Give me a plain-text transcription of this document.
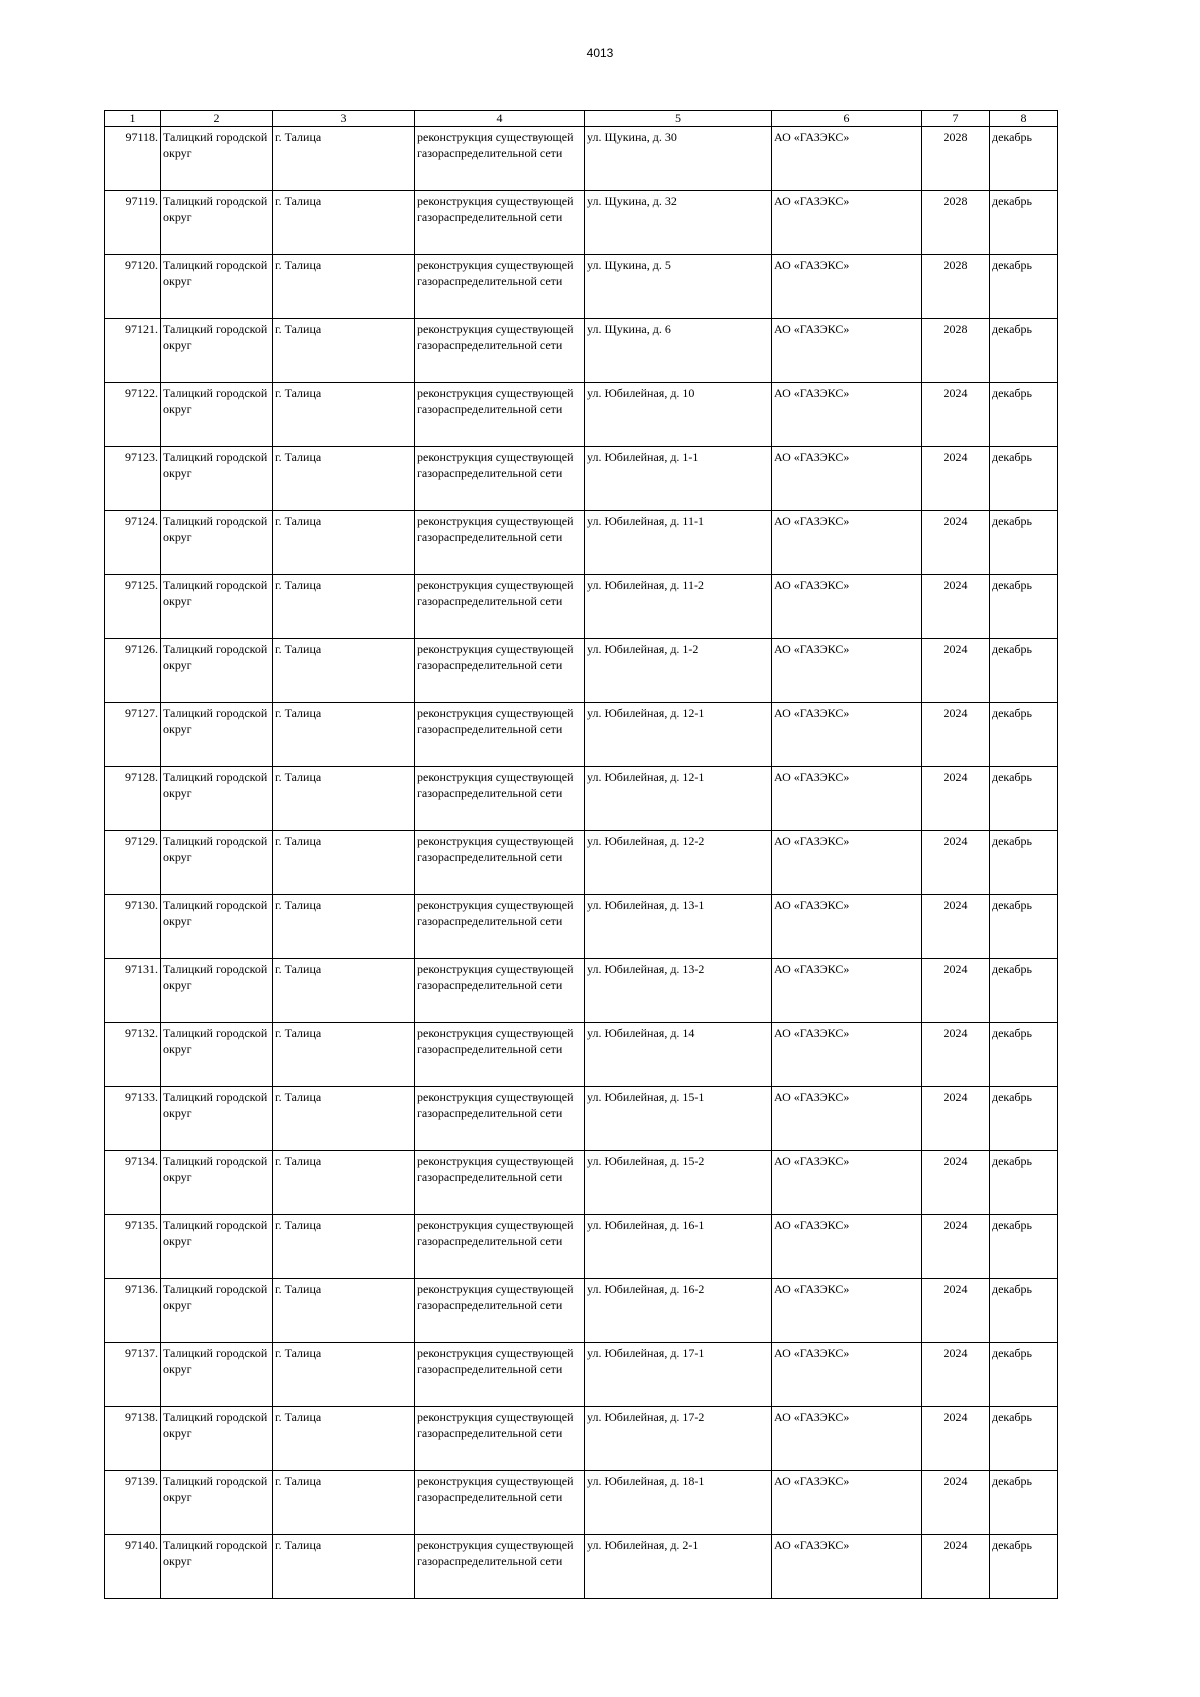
4013
1	2	3	4	5	6	7	8
97118.	Талицкий городской округ	г. Талица	реконструкция существующей газораспределительной сети	ул. Щукина, д. 30	АО «ГАЗЭКС»	2028	декабрь
97119.	Талицкий городской округ	г. Талица	реконструкция существующей газораспределительной сети	ул. Щукина, д. 32	АО «ГАЗЭКС»	2028	декабрь
97120.	Талицкий городской округ	г. Талица	реконструкция существующей газораспределительной сети	ул. Щукина, д. 5	АО «ГАЗЭКС»	2028	декабрь
97121.	Талицкий городской округ	г. Талица	реконструкция существующей газораспределительной сети	ул. Щукина, д. 6	АО «ГАЗЭКС»	2028	декабрь
97122.	Талицкий городской округ	г. Талица	реконструкция существующей газораспределительной сети	ул. Юбилейная, д. 10	АО «ГАЗЭКС»	2024	декабрь
97123.	Талицкий городской округ	г. Талица	реконструкция существующей газораспределительной сети	ул. Юбилейная, д. 1-1	АО «ГАЗЭКС»	2024	декабрь
97124.	Талицкий городской округ	г. Талица	реконструкция существующей газораспределительной сети	ул. Юбилейная, д. 11-1	АО «ГАЗЭКС»	2024	декабрь
97125.	Талицкий городской округ	г. Талица	реконструкция существующей газораспределительной сети	ул. Юбилейная, д. 11-2	АО «ГАЗЭКС»	2024	декабрь
97126.	Талицкий городской округ	г. Талица	реконструкция существующей газораспределительной сети	ул. Юбилейная, д. 1-2	АО «ГАЗЭКС»	2024	декабрь
97127.	Талицкий городской округ	г. Талица	реконструкция существующей газораспределительной сети	ул. Юбилейная, д. 12-1	АО «ГАЗЭКС»	2024	декабрь
97128.	Талицкий городской округ	г. Талица	реконструкция существующей газораспределительной сети	ул. Юбилейная, д. 12-1	АО «ГАЗЭКС»	2024	декабрь
97129.	Талицкий городской округ	г. Талица	реконструкция существующей газораспределительной сети	ул. Юбилейная, д. 12-2	АО «ГАЗЭКС»	2024	декабрь
97130.	Талицкий городской округ	г. Талица	реконструкция существующей газораспределительной сети	ул. Юбилейная, д. 13-1	АО «ГАЗЭКС»	2024	декабрь
97131.	Талицкий городской округ	г. Талица	реконструкция существующей газораспределительной сети	ул. Юбилейная, д. 13-2	АО «ГАЗЭКС»	2024	декабрь
97132.	Талицкий городской округ	г. Талица	реконструкция существующей газораспределительной сети	ул. Юбилейная, д. 14	АО «ГАЗЭКС»	2024	декабрь
97133.	Талицкий городской округ	г. Талица	реконструкция существующей газораспределительной сети	ул. Юбилейная, д. 15-1	АО «ГАЗЭКС»	2024	декабрь
97134.	Талицкий городской округ	г. Талица	реконструкция существующей газораспределительной сети	ул. Юбилейная, д. 15-2	АО «ГАЗЭКС»	2024	декабрь
97135.	Талицкий городской округ	г. Талица	реконструкция существующей газораспределительной сети	ул. Юбилейная, д. 16-1	АО «ГАЗЭКС»	2024	декабрь
97136.	Талицкий городской округ	г. Талица	реконструкция существующей газораспределительной сети	ул. Юбилейная, д. 16-2	АО «ГАЗЭКС»	2024	декабрь
97137.	Талицкий городской округ	г. Талица	реконструкция существующей газораспределительной сети	ул. Юбилейная, д. 17-1	АО «ГАЗЭКС»	2024	декабрь
97138.	Талицкий городской округ	г. Талица	реконструкция существующей газораспределительной сети	ул. Юбилейная, д. 17-2	АО «ГАЗЭКС»	2024	декабрь
97139.	Талицкий городской округ	г. Талица	реконструкция существующей газораспределительной сети	ул. Юбилейная, д. 18-1	АО «ГАЗЭКС»	2024	декабрь
97140.	Талицкий городской округ	г. Талица	реконструкция существующей газораспределительной сети	ул. Юбилейная, д. 2-1	АО «ГАЗЭКС»	2024	декабрь
